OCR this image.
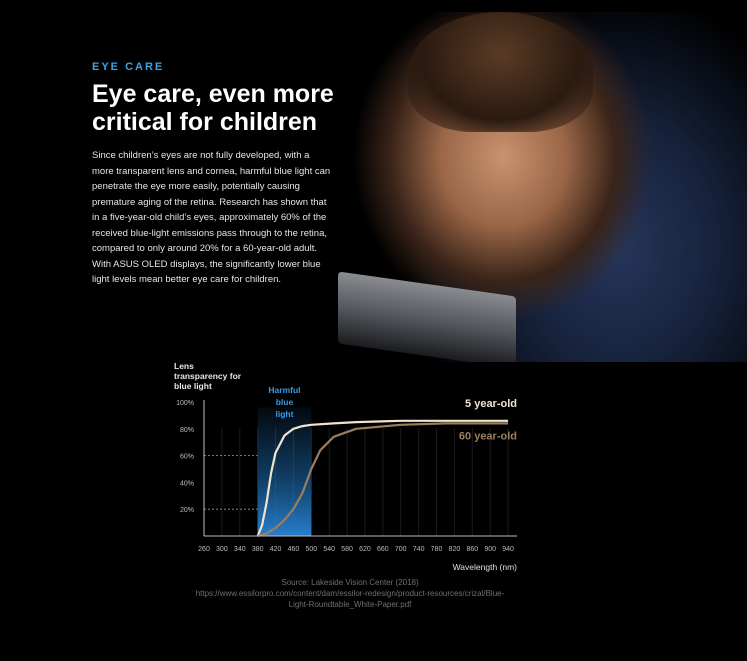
EYE CARE
Eye care, even more critical for children
Since children’s eyes are not fully developed, with a more transparent lens and cornea, harmful blue light can penetrate the eye more easily, potentially causing premature aging of the retina. Research has shown that in a five-year-old child’s eyes, approximately 60% of the received blue-light emissions pass through to the retina, compared to only around 20% for a 60-year-old adult. With ASUS OLED displays, the significantly lower blue light levels mean better eye care for children.
5 year-old
60 year-old
20%
40%
60%
80%
100%
260 300 340 380 420 460 500 540 580 620 660 700 740 780 820 860 900 940
Lens transparency for blue light	Harmful blue light
Wavelength (nm)
Source: Lakeside Vision Center (2018)
https://www.essilorpro.com/content/dam/essilor-redesign/product-resources/crizal/Blue-Light-Roundtable_White-Paper.pdf
